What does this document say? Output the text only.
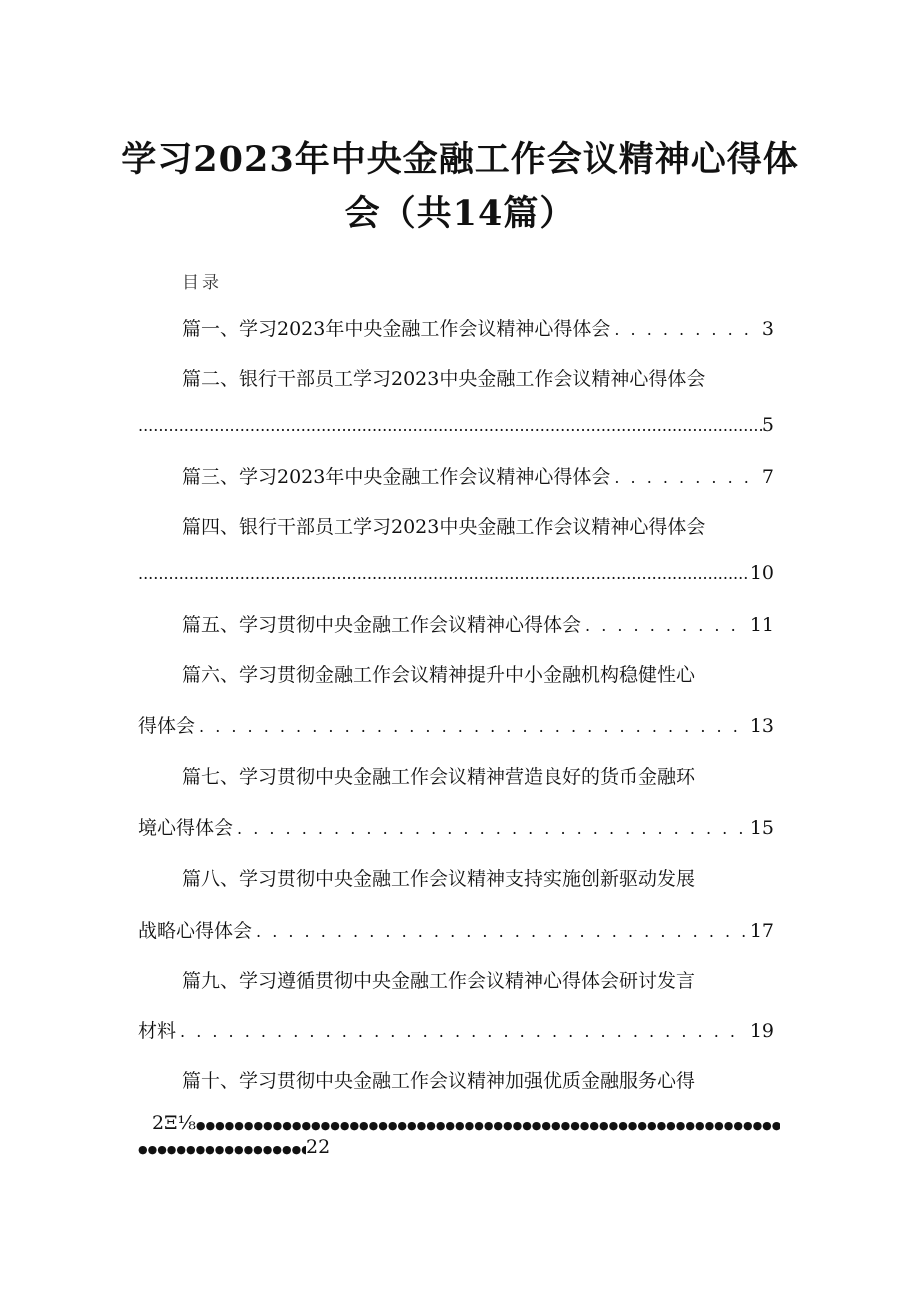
学习2023年中央金融工作会议精神心得体
会（共14篇）
目录
篇一、学习2023年中央金融工作会议精神心得体会 . . .	3
篇二、银行干部员工学习2023中央金融工作会议精神心得体会
.....
5
篇三、学习2023年中央金融工作会议精神心得体会 . . .	7
篇四、银行干部员工学习2023中央金融工作会议精神心得体会
.....
10
篇五、学习贯彻中央金融工作会议精神心得体会 . . .	11
篇六、学习贯彻金融工作会议精神提升中小金融机构稳健性心
得体会 . . .	13
篇七、学习贯彻中央金融工作会议精神营造良好的货币金融环
境心得体会 . . .	15
篇八、学习贯彻中央金融工作会议精神支持实施创新驱动发展
战略心得体会 . . .	17
篇九、学习遵循贯彻中央金融工作会议精神心得体会研讨发言
材料 . . .	19
篇十、学习贯彻中央金融工作会议精神加强优质金融服务心得
2Ξ⅛
●●●●●●●●●●●●●●●●●●●●●●●●●●●●●●●●●●●●●●●●●●●●●●●●●●●●●●●●●●●●●●●●●●●●●●●●●●●●●●●●●●●●●●●●●●●●●●●●●●●●
●●●●●●●●●●●●●●●●●●●●●●●●●●●●●●●●●●●●●●●●●●●●●●●●●●●●●●●●●●●●●●●●●●●●●●●●●●●●●●●●●●●●●●●●●●●●●●●●●●●●
22
